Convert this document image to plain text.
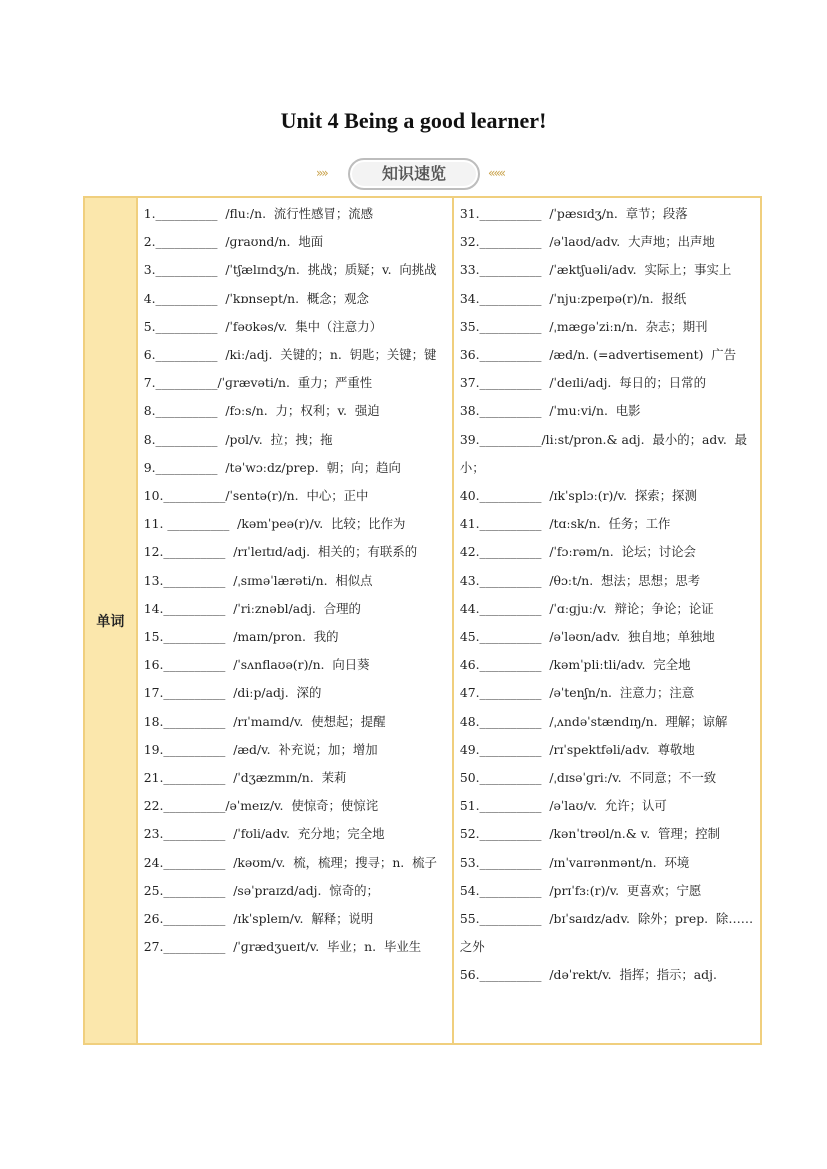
Unit 4 Being a good learner!
»»	知识速览	«««
单词
1.__________  /fluː/n.  流行性感冒；流感
2.__________  /ɡraʊnd/n.  地面
3.__________  /ˈtʃælɪndʒ/n.  挑战；质疑；v.  向挑战
4.__________  /ˈkɒnsept/n.  概念；观念
5.__________  /ˈfəʊkəs/v.  集中（注意力）
6.__________  /kiː/adj.  关键的；n.  钥匙；关键；键
7.__________/ˈɡrævəti/n.  重力；严重性
8.__________  /fɔːs/n.  力；权利；v.  强迫
8.__________  /pʊl/v.  拉；拽；拖
9.__________  /təˈwɔːdz/prep.  朝；向；趋向
10.__________/ˈsentə(r)/n.  中心；正中
11. __________  /kəmˈpeə(r)/v.  比较；比作为
12.__________  /rɪˈleɪtɪd/adj.  相关的；有联系的
13.__________  /ˌsɪməˈlærəti/n.  相似点
14.__________  /ˈriːznəbl/adj.  合理的
15.__________  /maɪn/pron.  我的
16.__________  /ˈsʌnflaʊə(r)/n.  向日葵
17.__________  /diːp/adj.  深的
18.__________  /rɪˈmaɪnd/v.  使想起；提醒
19.__________  /æd/v.  补充说；加；增加
21.__________  /ˈdʒæzmɪn/n.  茉莉
22.__________/əˈmeɪz/v.  使惊奇；使惊诧
23.__________  /ˈfʊli/adv.  充分地；完全地
24.__________  /kəʊm/v.  梳，梳理；搜寻；n.  梳子
25.__________  /səˈpraɪzd/adj.  惊奇的；
26.__________  /ɪkˈspleɪn/v.  解释；说明
27.__________  /ˈɡrædʒueɪt/v.  毕业；n.  毕业生
31.__________  /ˈpæsɪdʒ/n.  章节；段落
32.__________  /əˈlaʊd/adv.  大声地；出声地
33.__________  /ˈæktʃuəli/adv.  实际上；事实上
34.__________  /ˈnjuːzpeɪpə(r)/n.  报纸
35.__________  /ˌmæɡəˈziːn/n.  杂志；期刊
36.__________  /æd/n. (=advertisement)  广告
37.__________  /ˈdeɪli/adj.  每日的；日常的
38.__________  /ˈmuːvi/n.  电影
39.__________/liːst/pron.& adj.  最小的；adv.  最小；
40.__________  /ɪkˈsplɔː(r)/v.  探索；探测
41.__________  /tɑːsk/n.  任务；工作
42.__________  /ˈfɔːrəm/n.  论坛；讨论会
43.__________  /θɔːt/n.  想法；思想；思考
44.__________  /ˈɑːɡjuː/v.  辩论；争论；论证
45.__________  /əˈləʊn/adv.  独自地；单独地
46.__________  /kəmˈpliːtli/adv.  完全地
47.__________  /əˈtenʃn/n.  注意力；注意
48.__________  /ˌʌndəˈstændɪŋ/n.  理解；谅解
49.__________  /rɪˈspektfəli/adv.  尊敬地
50.__________  /ˌdɪsəˈɡriː/v.  不同意；不一致
51.__________  /əˈlaʊ/v.  允许；认可
52.__________  /kənˈtrəʊl/n.& v.  管理；控制
53.__________  /ɪnˈvaɪrənmənt/n.  环境
54.__________  /prɪˈfɜː(r)/v.  更喜欢；宁愿
55.__________  /bɪˈsaɪdz/adv.  除外；prep.  除……之外
56.__________  /dəˈrekt/v.  指挥；指示；adj.
